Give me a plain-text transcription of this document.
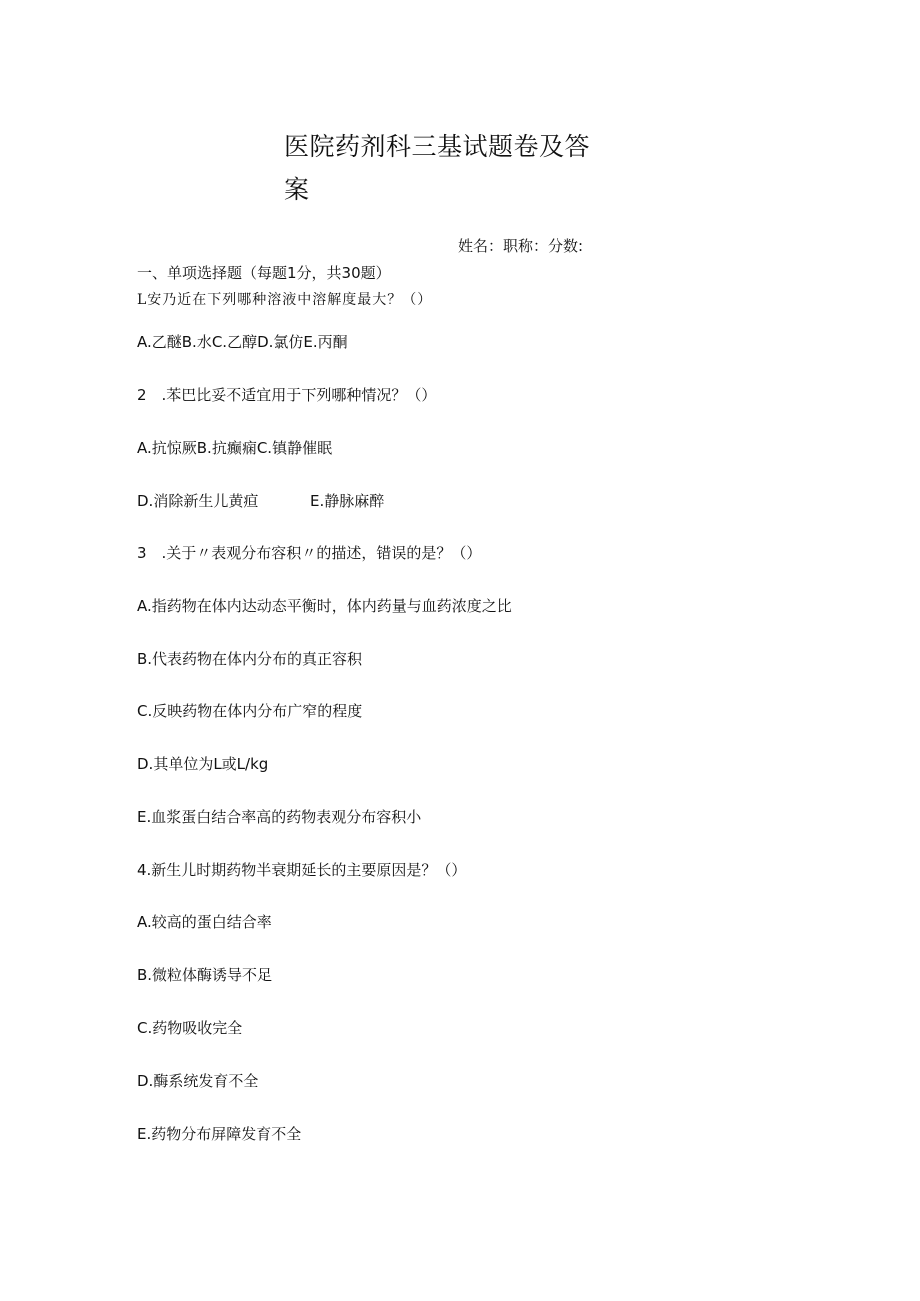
医院药剂科三基试题卷及答
案
姓名：职称：分数:
一、单项选择题（每题1分，共30题）
L安乃近在下列哪种溶液中溶解度最大？（）
A.乙醚B.水C.乙醇D.氯仿E.丙酮
2　.苯巴比妥不适宜用于下列哪种情况？（）
A.抗惊厥B.抗癫痫C.镇静催眠
D.消除新生儿黄疸	E.静脉麻醉
3　.关于〃表观分布容积〃的描述，错误的是？（）
A.指药物在体内达动态平衡时，体内药量与血药浓度之比
B.代表药物在体内分布的真正容积
C.反映药物在体内分布广窄的程度
D.其单位为L或L/kg
E.血浆蛋白结合率高的药物表观分布容积小
4.新生儿时期药物半衰期延长的主要原因是？（）
A.较高的蛋白结合率
B.微粒体酶诱导不足
C.药物吸收完全
D.酶系统发育不全
E.药物分布屏障发育不全
